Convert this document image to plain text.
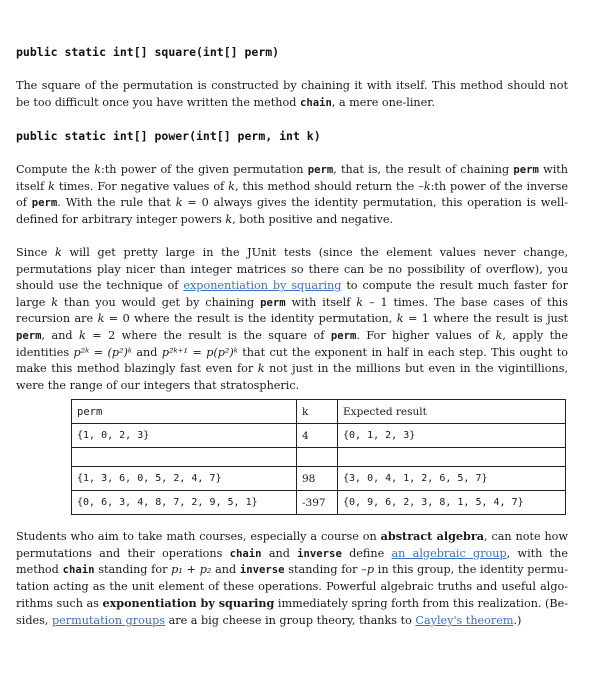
public static int[] square(int[] perm)
The square of the permutation is constructed by chaining it with itself. This method should not be too difficult once you have written the method chain, a mere one-liner.
public static int[] power(int[] perm, int k)
Compute the k:th power of the given permutation perm, that is, the result of chaining perm with itself k times. For negative values of k, this method should return the –k:th power of the inverse of perm. With the rule that k = 0 always gives the identity permutation, this operation is well-defined for arbitrary integer powers k, both positive and negative.
Since k will get pretty large in the JUnit tests (since the element values never change, permutations play nicer than integer matrices so there can be no possibility of overflow), you should use the technique of exponentiation by squaring to compute the result much faster for large k than you would get by chaining perm with itself k – 1 times. The base cases of this recursion are k = 0 where the result is the identity permutation, k = 1 where the result is just perm, and k = 2 where the result is the square of perm. For higher values of k, apply the identities p²ᵏ = (p²)ᵏ and p²ᵏ⁺¹ = p(p²)ᵏ that cut the exponent in half in each step. This ought to make this method blazingly fast even for k not just in the millions but even in the vigintillions, were the range of our integers that stratospheric.
perm	k	Expected result
{1, 0, 2, 3}	4	{0, 1, 2, 3}

{1, 3, 6, 0, 5, 2, 4, 7}	98	{3, 0, 4, 1, 2, 6, 5, 7}
{0, 6, 3, 4, 8, 7, 2, 9, 5, 1}	-397	{0, 9, 6, 2, 3, 8, 1, 5, 4, 7}
Students who aim to take math courses, especially a course on abstract algebra, can note how permutations and their operations chain and inverse define an algebraic group, with the method chain standing for p₁ + p₂ and inverse standing for –p in this group, the identity permutation acting as the unit element of these operations. Powerful algebraic truths and useful algorithms such as exponentiation by squaring immediately spring forth from this realization. (Besides, permutation groups are a big cheese in group theory, thanks to Cayley's theorem.)
